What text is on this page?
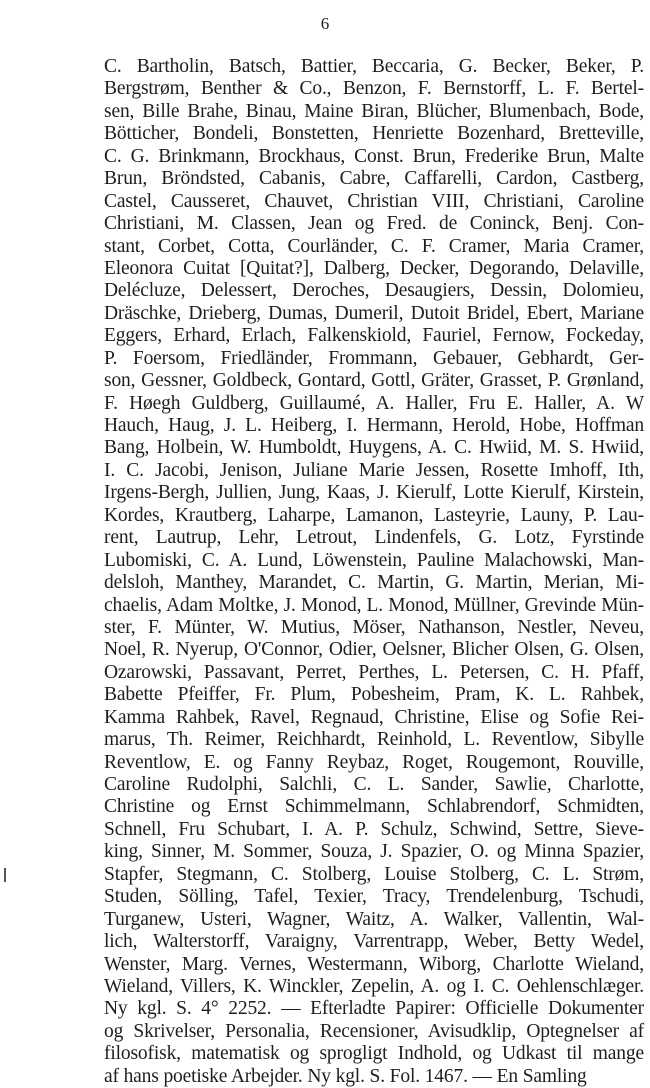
6
C. Bartholin, Batsch, Battier, Beccaria, G. Becker, Beker, P.
Bergstrøm, Benther & Co., Benzon, F. Bernstorff, L. F. Bertel-
sen, Bille Brahe, Binau, Maine Biran, Blücher, Blumenbach, Bode,
Bötticher, Bondeli, Bonstetten, Henriette Bozenhard, Bretteville,
C. G. Brinkmann, Brockhaus, Const. Brun, Frederike Brun, Malte
Brun, Bröndsted, Cabanis, Cabre, Caffarelli, Cardon, Castberg,
Castel, Causseret, Chauvet, Christian VIII, Christiani, Caroline
Christiani, M. Classen, Jean og Fred. de Coninck, Benj. Con-
stant, Corbet, Cotta, Courländer, C. F. Cramer, Maria Cramer,
Eleonora Cuitat [Quitat?], Dalberg, Decker, Degorando, Delaville,
Delécluze, Delessert, Deroches, Desaugiers, Dessin, Dolomieu,
Dräschke, Drieberg, Dumas, Dumeril, Dutoit Bridel, Ebert, Mariane
Eggers, Erhard, Erlach, Falkenskiold, Fauriel, Fernow, Fockeday,
P. Foersom, Friedländer, Frommann, Gebauer, Gebhardt, Ger-
son, Gessner, Goldbeck, Gontard, Gottl, Gräter, Grasset, P. Grønland,
F. Høegh Guldberg, Guillaumé, A. Haller, Fru E. Haller, A. W
Hauch, Haug, J. L. Heiberg, I. Hermann, Herold, Hobe, Hoffman
Bang, Holbein, W. Humboldt, Huygens, A. C. Hwiid, M. S. Hwiid,
I. C. Jacobi, Jenison, Juliane Marie Jessen, Rosette Imhoff, Ith,
Irgens-Bergh, Jullien, Jung, Kaas, J. Kierulf, Lotte Kierulf, Kirstein,
Kordes, Krautberg, Laharpe, Lamanon, Lasteyrie, Launy, P. Lau-
rent, Lautrup, Lehr, Letrout, Lindenfels, G. Lotz, Fyrstinde
Lubomiski, C. A. Lund, Löwenstein, Pauline Malachowski, Man-
delsloh, Manthey, Marandet, C. Martin, G. Martin, Merian, Mi-
chaelis, Adam Moltke, J. Monod, L. Monod, Müllner, Grevinde Mün-
ster, F. Münter, W. Mutius, Möser, Nathanson, Nestler, Neveu,
Noel, R. Nyerup, O'Connor, Odier, Oelsner, Blicher Olsen, G. Olsen,
Ozarowski, Passavant, Perret, Perthes, L. Petersen, C. H. Pfaff,
Babette Pfeiffer, Fr. Plum, Pobesheim, Pram, K. L. Rahbek,
Kamma Rahbek, Ravel, Regnaud, Christine, Elise og Sofie Rei-
marus, Th. Reimer, Reichhardt, Reinhold, L. Reventlow, Sibylle
Reventlow, E. og Fanny Reybaz, Roget, Rougemont, Rouville,
Caroline Rudolphi, Salchli, C. L. Sander, Sawlie, Charlotte,
Christine og Ernst Schimmelmann, Schlabrendorf, Schmidten,
Schnell, Fru Schubart, I. A. P. Schulz, Schwind, Settre, Sieve-
king, Sinner, M. Sommer, Souza, J. Spazier, O. og Minna Spazier,
Stapfer, Stegmann, C. Stolberg, Louise Stolberg, C. L. Strøm,
Studen, Sölling, Tafel, Texier, Tracy, Trendelenburg, Tschudi,
Turganew, Usteri, Wagner, Waitz, A. Walker, Vallentin, Wal-
lich, Walterstorff, Varaigny, Varrentrapp, Weber, Betty Wedel,
Wenster, Marg. Vernes, Westermann, Wiborg, Charlotte Wieland,
Wieland, Villers, K. Winckler, Zepelin, A. og I. C. Oehlenschlæger.
Ny kgl. S. 4° 2252. — Efterladte Papirer: Officielle Dokumenter
og Skrivelser, Personalia, Recensioner, Avisudklip, Optegnelser af
filosofisk, matematisk og sprogligt Indhold, og Udkast til mange
af hans poetiske Arbejder. Ny kgl. S. Fol. 1467. — En Samling
